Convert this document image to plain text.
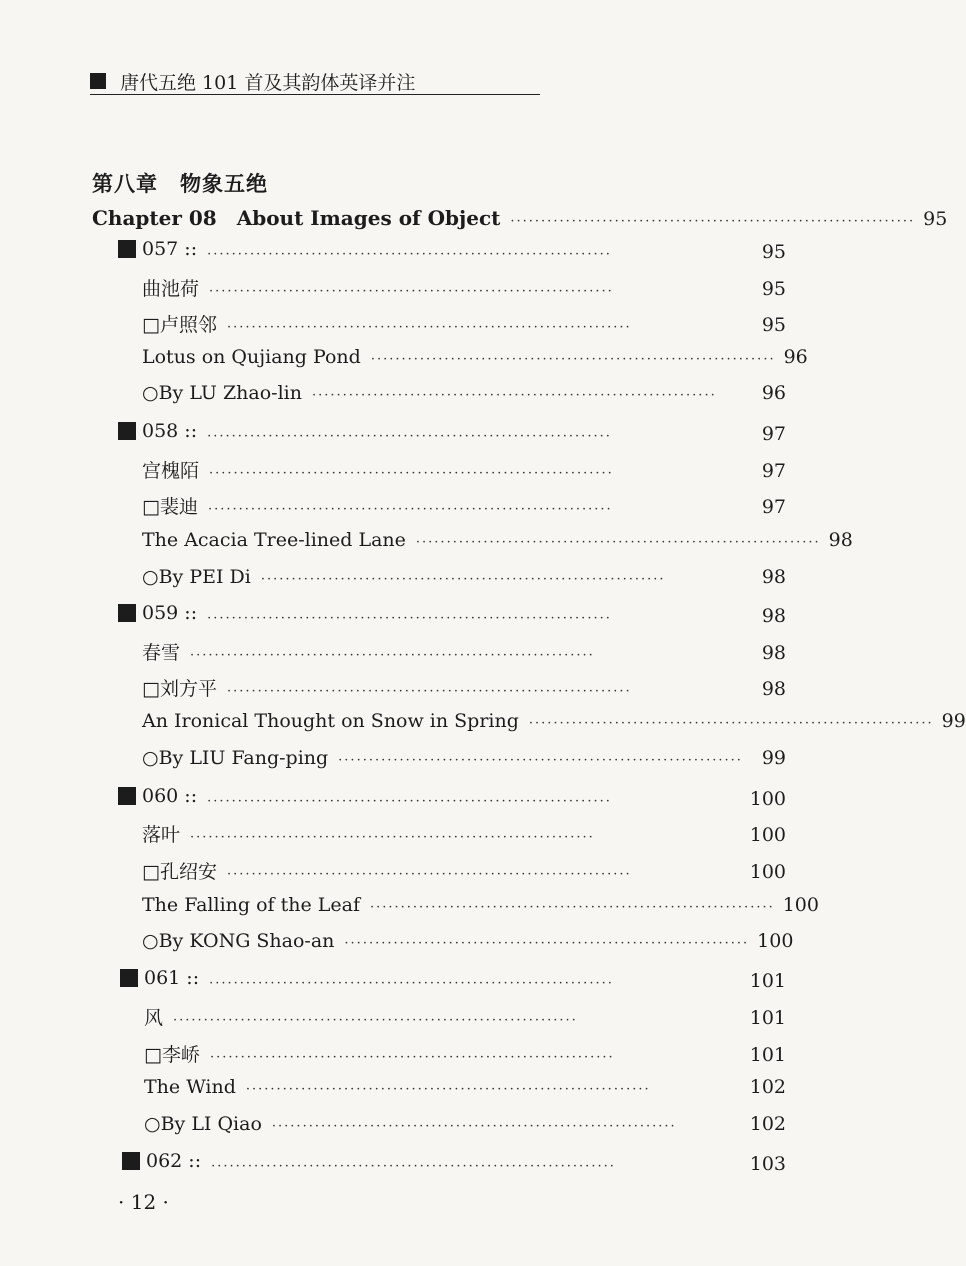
唐代五绝 101 首及其韵体英译并注
第八章　物象五绝
Chapter 08　About Images of Object ·································································· 95
057 :: ··································································	95
曲池荷 ··································································	95
□卢照邻 ··································································	95
Lotus on Qujiang Pond ·································································· 96
○By LU Zhao-lin ··································································	96
058 :: ··································································	97
宫槐陌 ··································································	97
□裴迪 ··································································	97
The Acacia Tree-lined Lane ·································································· 98
○By PEI Di ··································································	98
059 :: ··································································	98
春雪 ··································································	98
□刘方平 ··································································	98
An Ironical Thought on Snow in Spring ·································································· 99
○By LIU Fang-ping ·································································· 99
060 :: ··································································	100
落叶 ··································································	100
□孔绍安 ··································································	100
The Falling of the Leaf ·································································· 100
○By KONG Shao-an ·································································· 100
061 :: ··································································	101
风 ··································································	101
□李峤 ··································································	101
The Wind ··································································	102
○By LI Qiao ··································································	102
062 :: ··································································	103
· 12 ·
